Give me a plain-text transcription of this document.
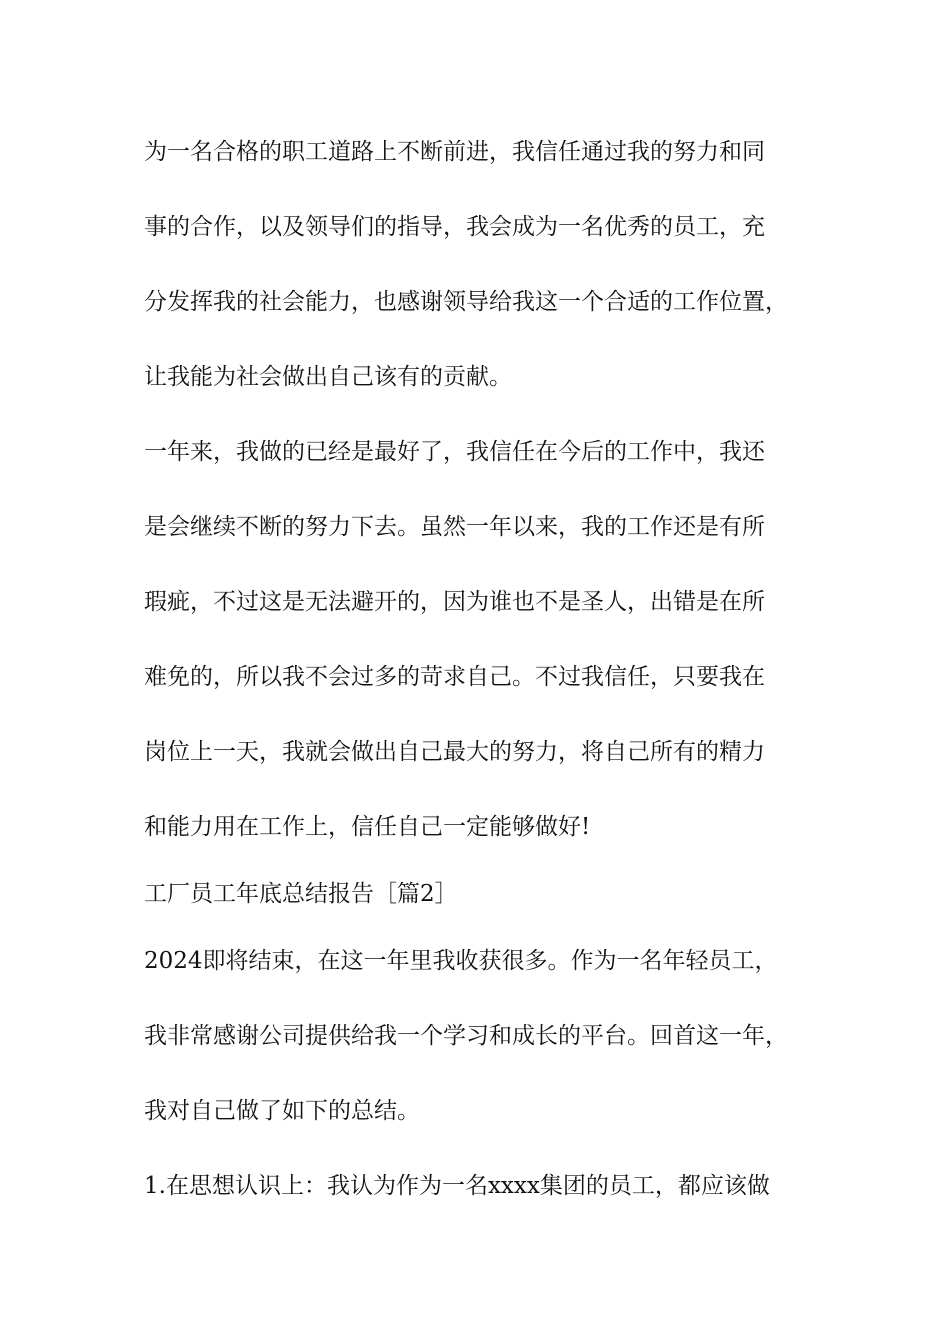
为一名合格的职工道路上不断前进，我信任通过我的努力和同
事的合作，以及领导们的指导，我会成为一名优秀的员工，充
分发挥我的社会能力，也感谢领导给我这一个合适的工作位置，
让我能为社会做出自己该有的贡献。
一年来，我做的已经是最好了，我信任在今后的工作中，我还
是会继续不断的努力下去。虽然一年以来，我的工作还是有所
瑕疵，不过这是无法避开的，因为谁也不是圣人，出错是在所
难免的，所以我不会过多的苛求自己。不过我信任，只要我在
岗位上一天，我就会做出自己最大的努力，将自己所有的精力
和能力用在工作上，信任自己一定能够做好!
工厂员工年底总结报告［篇2］
2024即将结束，在这一年里我收获很多。作为一名年轻员工，
我非常感谢公司提供给我一个学习和成长的平台。回首这一年，
我对自己做了如下的总结。
1.在思想认识上：我认为作为一名xxxx集团的员工，都应该做
